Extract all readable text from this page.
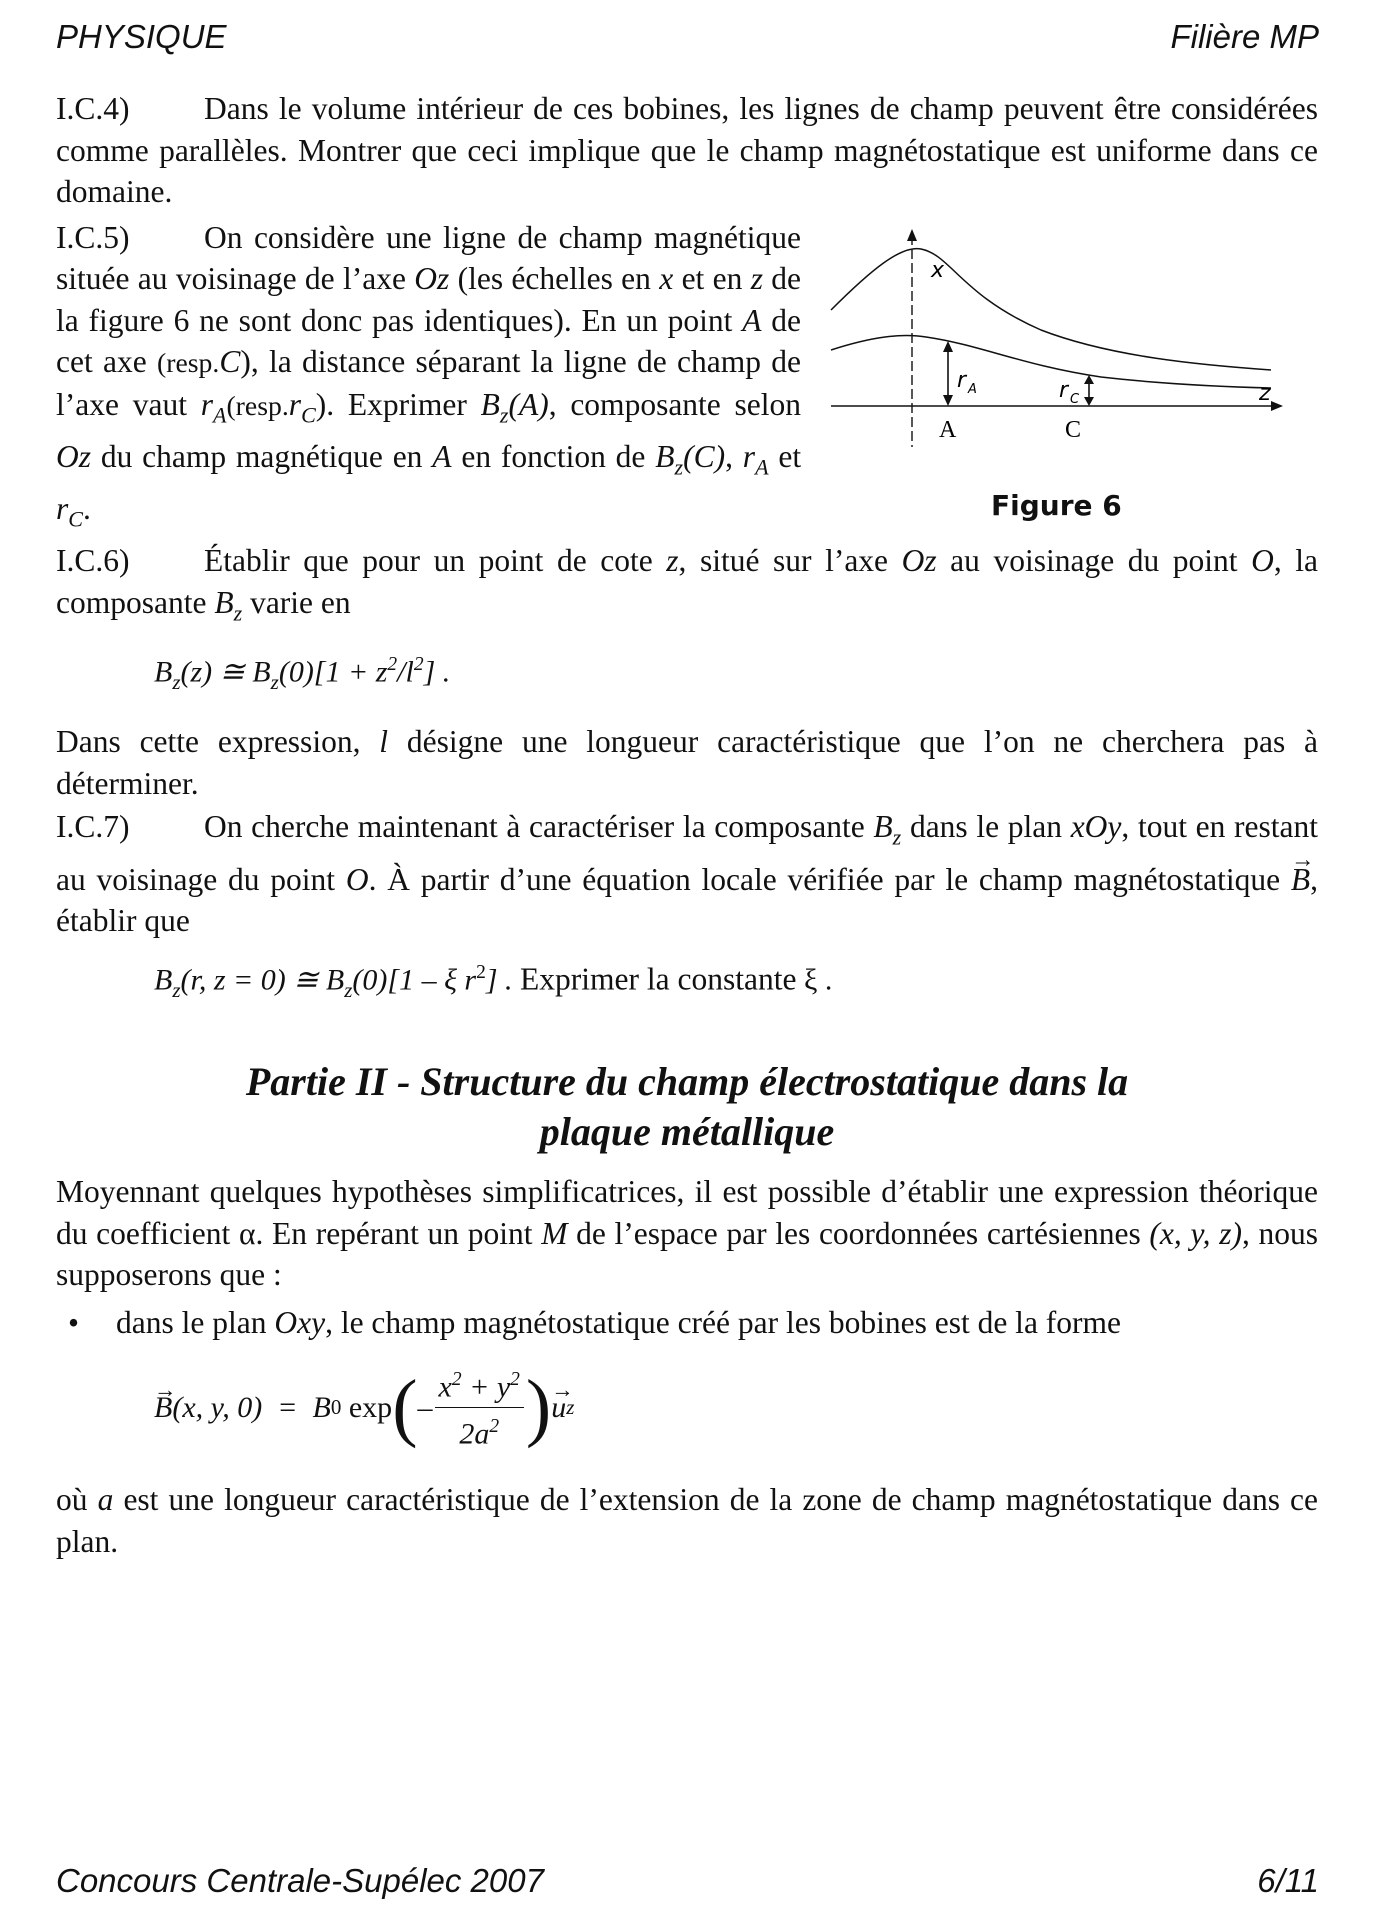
PHYSIQUE	Filière MP

I.C.4) Dans le volume intérieur de ces bobines, les lignes de champ peuvent être considérées comme parallèles. Montrer que ceci implique que le champ magnétostatique est uniforme dans ce domaine.

I.C.5) On considère une ligne de champ magnétique située au voisinage de l’axe Oz (les échelles en x et en z de la figure 6 ne sont donc pas identiques). En un point A de cet axe (resp.C), la distance séparant la ligne de champ de l’axe vaut $r_A(resp.r_C)$. Exprimer $B_z(A)$, composante selon Oz du champ magnétique en A en fonction de $B_z(C)$, $r_A$ et $r_C$.

x
z
r A	r C
A	C
Figure 6

I.C.6) Établir que pour un point de cote z, situé sur l’axe Oz au voisinage du point O, la composante $B_z$ varie en

$B_z(z)$ ≅ $B_z(0)[1 + z^2/l^2]$ .

Dans cette expression, l désigne une longueur caractéristique que l’on ne cherchera pas à déterminer.

I.C.7) On cherche maintenant à caractériser la composante $B_z$ dans le plan xOy, tout en restant au voisinage du point O. À partir d’une équation locale vérifiée par le champ magnétostatique → B, établir que

$B_z(r$, z = 0) ≅ $B_z(0)[1$ – ξ $r^2$] . Exprimer la constante ξ .
Partie II - Structure du champ électrostatique dans la
plaque métallique

Moyennant quelques hypothèses simplificatrices, il est possible d’établir une expression théorique du coefficient α. En repérant un point M de l’espace par les coordonnées cartésiennes (x, y, z), nous supposerons que :

•	dans le plan Oxy, le champ magnétostatique créé par les bobines est de la forme

→ B (x, y, 0)  =  B 0
exp ( – $\frac{x^2 + y^2}{2a^2}$ ) → u z

où a est une longueur caractéristique de l’extension de la zone de champ magnétostatique dans ce plan.

Concours Centrale-Supélec 2007	6/11
